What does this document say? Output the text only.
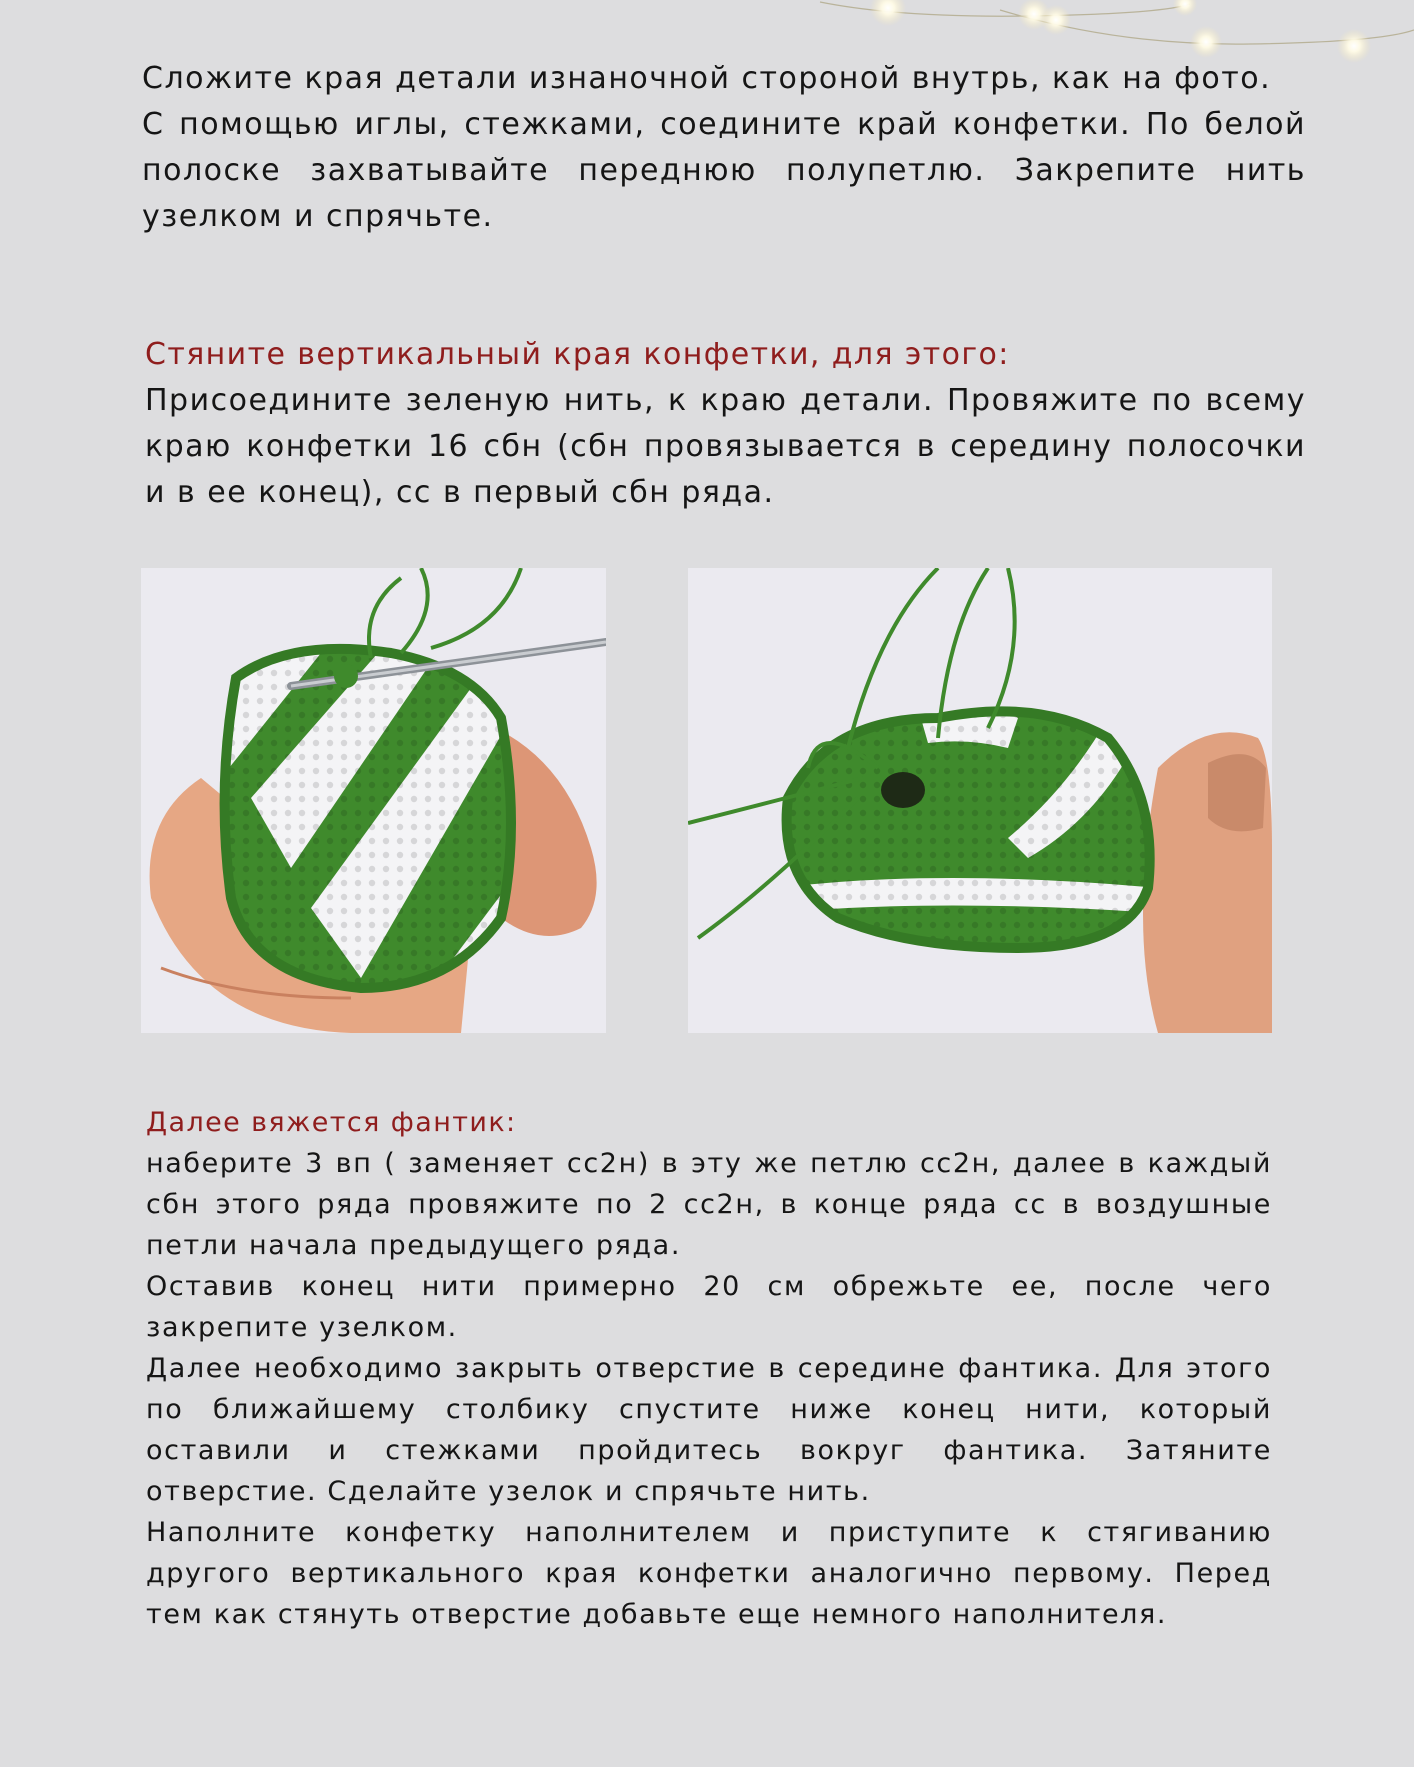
Сложите края детали изнаночной стороной внутрь, как на фото.

С помощью иглы, стежками, соедините край конфетки. По белой полоске захватывайте переднюю полупетлю. Закрепите нить узелком и спрячьте.

Стяните вертикальный края конфетки, для этого:

Присоедините зеленую нить, к краю детали. Провяжите по всему краю конфетки 16 сбн (сбн провязывается в середину полосочки и в ее конец), сс в первый сбн ряда.

Далее вяжется фантик:

наберите 3 вп ( заменяет сс2н) в эту же петлю сс2н, далее в каждый сбн этого ряда провяжите по 2 сс2н, в конце ряда сс в воздушные петли начала предыдущего ряда.

Оставив конец нити примерно 20 см обрежьте ее, после чего закрепите узелком.

Далее необходимо закрыть отверстие в середине фантика. Для этого по ближайшему столбику спустите ниже конец нити, который оставили и стежками пройдитесь вокруг фантика. Затяните отверстие. Сделайте узелок и спрячьте нить.

Наполните конфетку наполнителем и приступите к стягиванию другого вертикального края конфетки аналогично первому. Перед тем как стянуть отверстие добавьте еще немного наполнителя.
